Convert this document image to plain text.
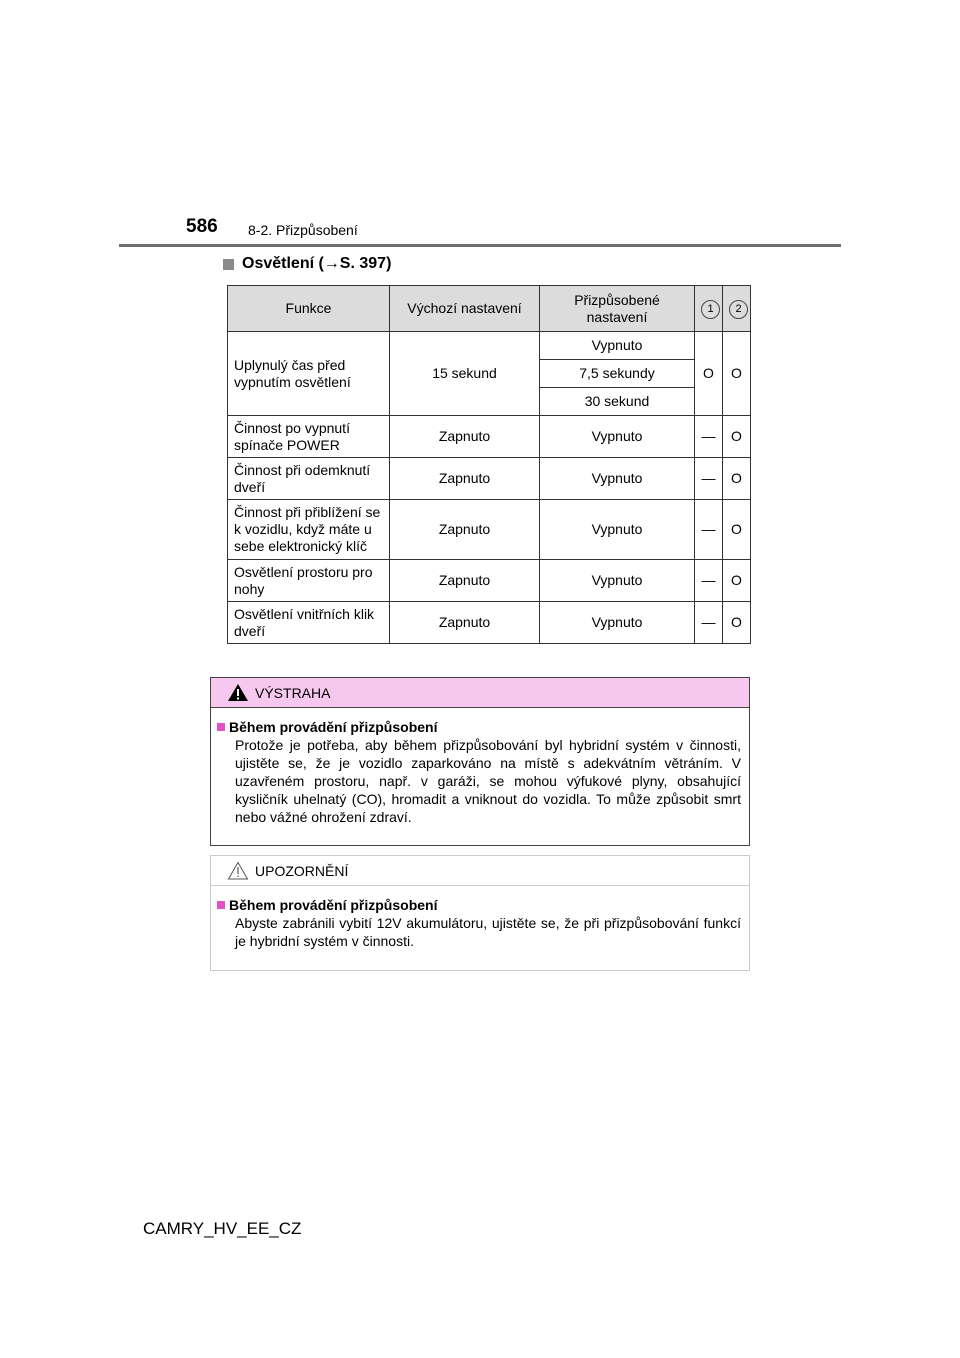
586 8-2. Přizpůsobení
Osvětlení (→S. 397)
Funkce	Výchozí nastavení	Přizpůsobené nastavení	1	2
Uplynulý čas před vypnutím osvětlení	15 sekund	Vypnuto	O	O
		7,5 sekundy		
		30 sekund		
Činnost po vypnutí spínače POWER	Zapnuto	Vypnuto	—	O
Činnost při odemknutí dveří	Zapnuto	Vypnuto	—	O
Činnost při přiblížení se k vozidlu, když máte u sebe elektronický klíč	Zapnuto	Vypnuto	—	O
Osvětlení prostoru pro nohy	Zapnuto	Vypnuto	—	O
Osvětlení vnitřních klik dveří	Zapnuto	Vypnuto	—	O
VÝSTRAHA
Během provádění přizpůsobení
Protože je potřeba, aby během přizpůsobování byl hybridní systém v činnosti, ujistěte se, že je vozidlo zaparkováno na místě s adekvátním větráním. V uzavřeném prostoru, např. v garáži, se mohou výfukové plyny, obsahující kysličník uhelnatý (CO), hromadit a vniknout do vozidla. To může způsobit smrt nebo vážné ohrožení zdraví.
UPOZORNĚNÍ
Během provádění přizpůsobení
Abyste zabránili vybití 12V akumulátoru, ujistěte se, že při přizpůsobování funkcí je hybridní systém v činnosti.
CAMRY_HV_EE_CZ
